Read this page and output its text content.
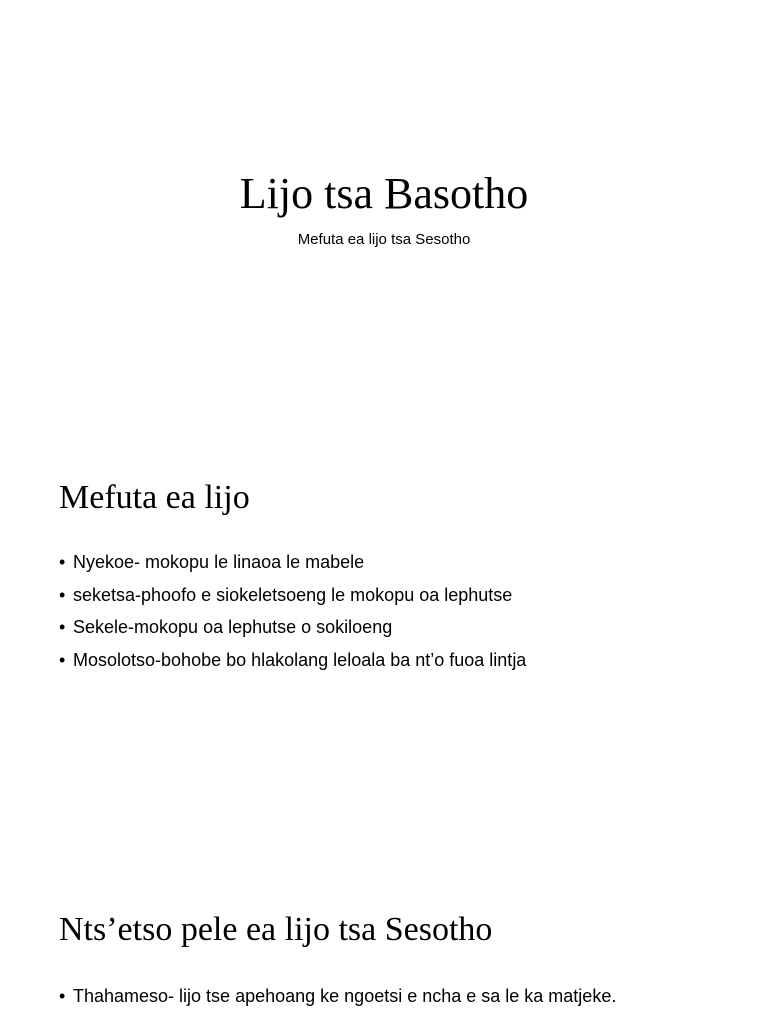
Lijo tsa Basotho

Mefuta ea lijo tsa Sesotho

Mefuta ea lijo
• Nyekoe- mokopu le linaoa le mabele
• seketsa-phoofo e siokeletsoeng le mokopu oa lephutse
• Sekele-mokopu oa lephutse o sokiloeng
• Mosolotso-bohobe bo hlakolang leloala ba nt’o fuoa lintja
Nts’etso pele ea lijo tsa Sesotho
• Thahameso- lijo tse apehoang ke ngoetsi e ncha e sa le ka matjeke.
